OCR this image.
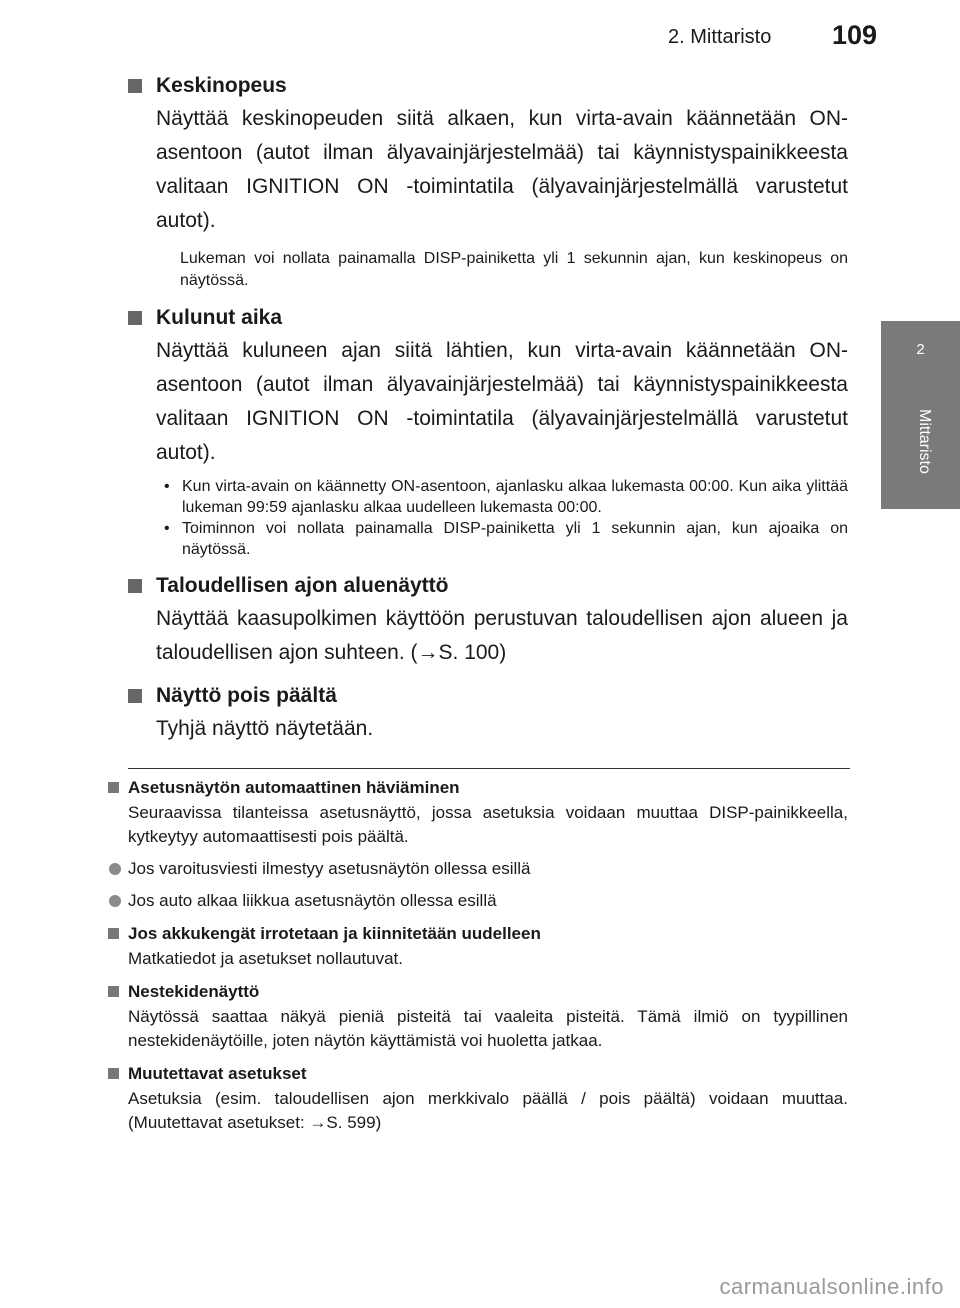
2. Mittaristo 109
2
Mittaristo
Keskinopeus
Näyttää keskinopeuden siitä alkaen, kun virta-avain käännetään ON-asentoon (autot ilman älyavainjärjestelmää) tai käynnistyspainikkeesta valitaan IGNITION ON -toimintatila (älyavainjärjestelmällä varustetut autot).
Lukeman voi nollata painamalla DISP-painiketta yli 1 sekunnin ajan, kun keskinopeus on näytössä.
Kulunut aika
Näyttää kuluneen ajan siitä lähtien, kun virta-avain käännetään ON-asentoon (autot ilman älyavainjärjestelmää) tai käynnistyspainikkeesta valitaan IGNITION ON -toimintatila (älyavainjärjestelmällä varustetut autot).
• Kun virta-avain on käännetty ON-asentoon, ajanlasku alkaa lukemasta 00:00. Kun aika ylittää lukeman 99:59 ajanlasku alkaa uudelleen lukemasta 00:00.
• Toiminnon voi nollata painamalla DISP-painiketta yli 1 sekunnin ajan, kun ajoaika on näytössä.
Taloudellisen ajon aluenäyttö
Näyttää kaasupolkimen käyttöön perustuvan taloudellisen ajon alueen ja taloudellisen ajon suhteen. (→S. 100)
Näyttö pois päältä
Tyhjä näyttö näytetään.
Asetusnäytön automaattinen häviäminen
Seuraavissa tilanteissa asetusnäyttö, jossa asetuksia voidaan muuttaa DISP-painikkeella, kytkeytyy automaattisesti pois päältä.
Jos varoitusviesti ilmestyy asetusnäytön ollessa esillä
Jos auto alkaa liikkua asetusnäytön ollessa esillä
Jos akkukengät irrotetaan ja kiinnitetään uudelleen
Matkatiedot ja asetukset nollautuvat.
Nestekidenäyttö
Näytössä saattaa näkyä pieniä pisteitä tai vaaleita pisteitä. Tämä ilmiö on tyypillinen nestekidenäytöille, joten näytön käyttämistä voi huoletta jatkaa.
Muutettavat asetukset
Asetuksia (esim. taloudellisen ajon merkkivalo päällä / pois päältä) voidaan muuttaa. (Muutettavat asetukset: →S. 599)
carmanualsonline.info
